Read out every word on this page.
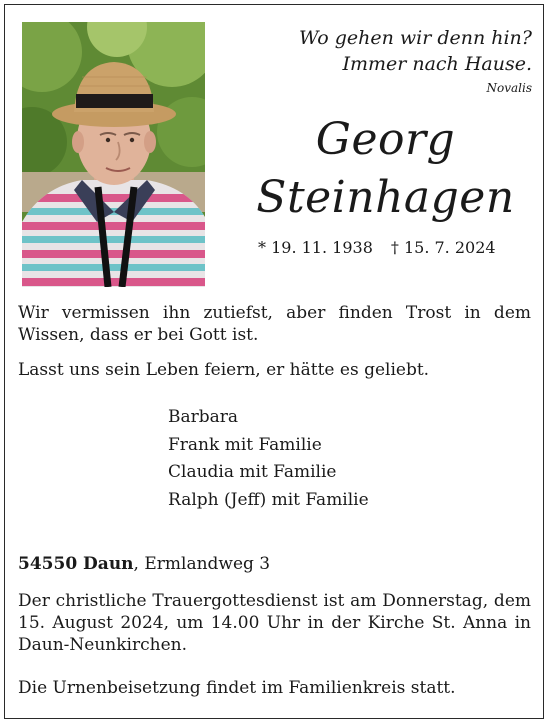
Wo gehen wir denn hin?
Immer nach Hause.
Novalis
Georg
Steinhagen
* 19. 11. 1938 † 15. 7. 2024
Wir vermissen ihn zutiefst, aber finden Trost in dem Wissen, dass er bei Gott ist.
Lasst uns sein Leben feiern, er hätte es geliebt.
Barbara
Frank mit Familie
Claudia mit Familie
Ralph (Jeff) mit Familie
54550 Daun, Ermlandweg 3
Der christliche Trauergottesdienst ist am Donnerstag, dem 15. August 2024, um 14.00 Uhr in der Kirche St. Anna in Daun-Neunkirchen.
Die Urnenbeisetzung findet im Familienkreis statt.
